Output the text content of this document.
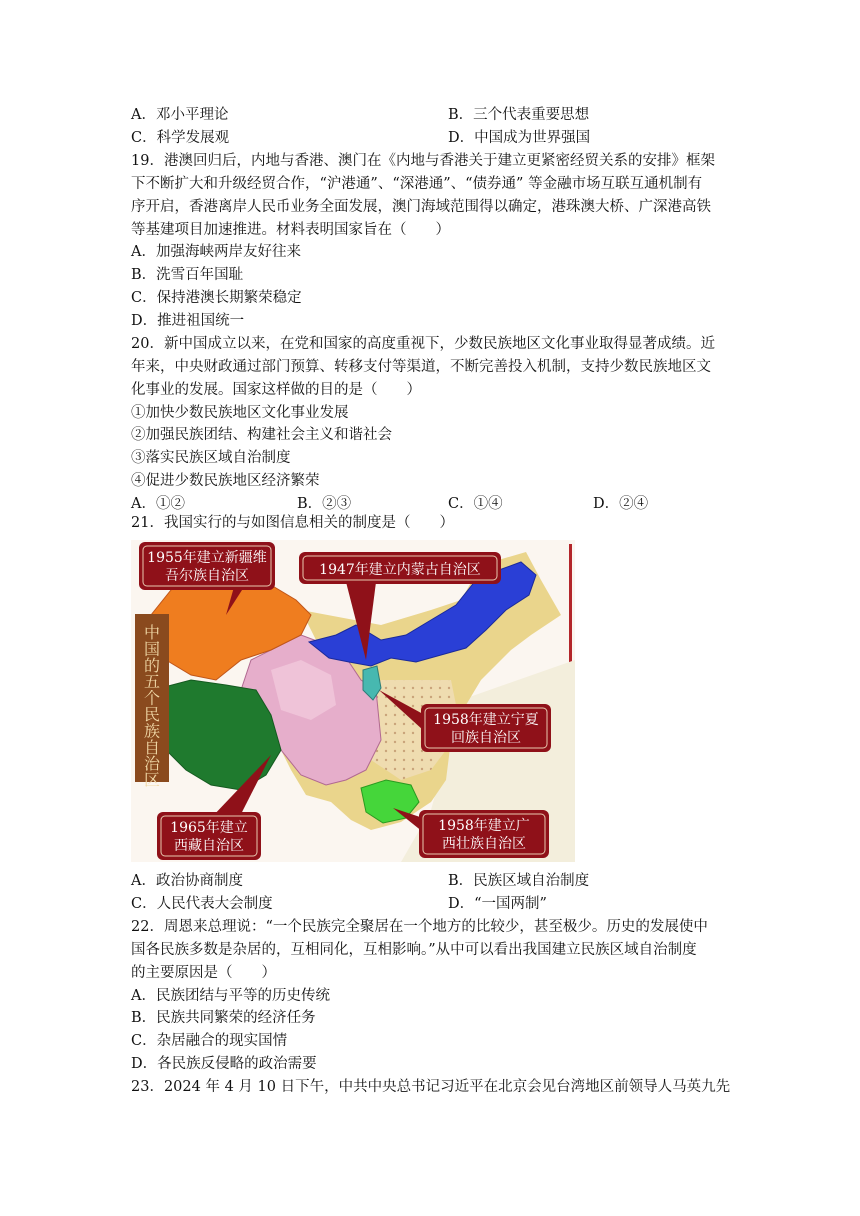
A．邓小平理论	B．三个代表重要思想
C．科学发展观	D．中国成为世界强国
19．港澳回归后，内地与香港、澳门在《内地与香港关于建立更紧密经贸关系的安排》框架
下不断扩大和升级经贸合作，“沪港通”、“深港通”、“债券通” 等金融市场互联互通机制有
序开启，香港离岸人民币业务全面发展，澳门海域范围得以确定，港珠澳大桥、广深港高铁
等基建项目加速推进。材料表明国家旨在（　　）
A．加强海峡两岸友好往来
B．洗雪百年国耻
C．保持港澳长期繁荣稳定
D．推进祖国统一
20．新中国成立以来，在党和国家的高度重视下，少数民族地区文化事业取得显著成绩。近
年来，中央财政通过部门预算、转移支付等渠道，不断完善投入机制，支持少数民族地区文
化事业的发展。国家这样做的目的是（　　）
①加快少数民族地区文化事业发展
②加强民族团结、构建社会主义和谐社会
③落实民族区域自治制度
④促进少数民族地区经济繁荣
A．①②	B．②③	C．①④	D．②④
21．我国实行的与如图信息相关的制度是（　　）
中国的五个民族自治区
1955年建立新疆维
吾尔族自治区	1947年建立内蒙古自治区
1958年建立宁夏
回族自治区
1965年建立
西藏自治区
1958年建立广
西壮族自治区
A．政治协商制度	B．民族区域自治制度
C．人民代表大会制度	D．“一国两制”
22．周恩来总理说：“一个民族完全聚居在一个地方的比较少，甚至极少。历史的发展使中
国各民族多数是杂居的，互相同化，互相影响。”从中可以看出我国建立民族区域自治制度
的主要原因是（　　）
A．民族团结与平等的历史传统
B．民族共同繁荣的经济任务
C．杂居融合的现实国情
D．各民族反侵略的政治需要
23．2024 年 4 月 10 日下午，中共中央总书记习近平在北京会见台湾地区前领导人马英九先
